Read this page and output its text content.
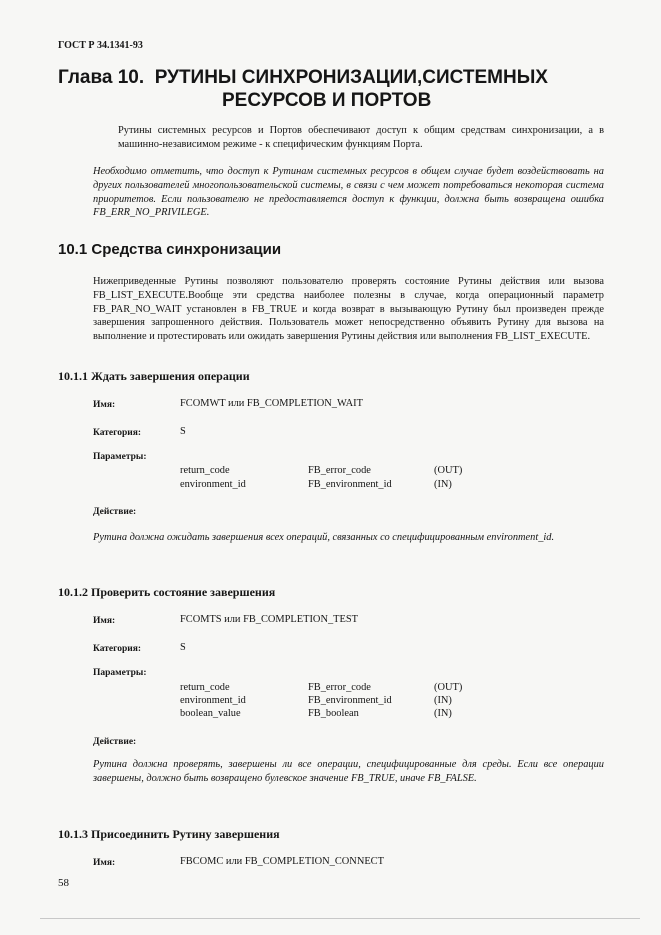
ГОСТ Р 34.1341-93
Глава 10.  РУТИНЫ СИНХРОНИЗАЦИИ,СИСТЕМНЫХ
РЕСУРСОВ И ПОРТОВ
Рутины системных ресурсов и Портов обеспечивают доступ к общим средствам синхронизации, а в машинно-независимом режиме - к специфическим функциям Порта.
Необходимо отметить, что доступ к Рутинам системных ресурсов в общем случае будет воздействовать на других пользователей многопользовательской системы, в связи с чем может потребоваться некоторая система приоритетов. Если пользователю не предоставляется доступ к функции, должна быть возвращена ошибка FB_ERR_NO_PRIVILEGE.
10.1 Средства синхронизации
Нижеприведенные Рутины позволяют пользователю проверять состояние Рутины действия или вызова FB_LIST_EXECUTE.Вообще эти средства наиболее полезны в случае, когда операционный параметр FB_PAR_NO_WAIT установлен в FB_TRUE и когда возврат в вызывающую Рутину был произведен прежде завершения запрошенного действия. Пользователь может непосредственно объявить Рутину для вызова на выполнение и протестировать или ожидать завершения Рутины действия или выполнения FB_LIST_EXECUTE.
10.1.1 Ждать завершения операции
Имя:	FCOMWT или FB_COMPLETION_WAIT
Категория:	S
Параметры:
return_code	FB_error_code	(OUT)
environment_id	FB_environment_id	(IN)
Действие:
Рутина должна ожидать завершения всех операций, связанных со специфицированным environment_id.
10.1.2 Проверить состояние завершения
Имя:	FCOMTS или FB_COMPLETION_TEST
Категория:	S
Параметры:
return_code	FB_error_code	(OUT)
environment_id	FB_environment_id	(IN)
boolean_value	FB_boolean	(IN)
Действие:
Рутина должна проверять, завершены ли все операции, специфицированные для среды. Если все операции завершены, должно быть возвращено булевское значение FB_TRUE, иначе FB_FALSE.
10.1.3 Присоединить Рутину завершения
Имя:	FBCOMC или FB_COMPLETION_CONNECT
58
